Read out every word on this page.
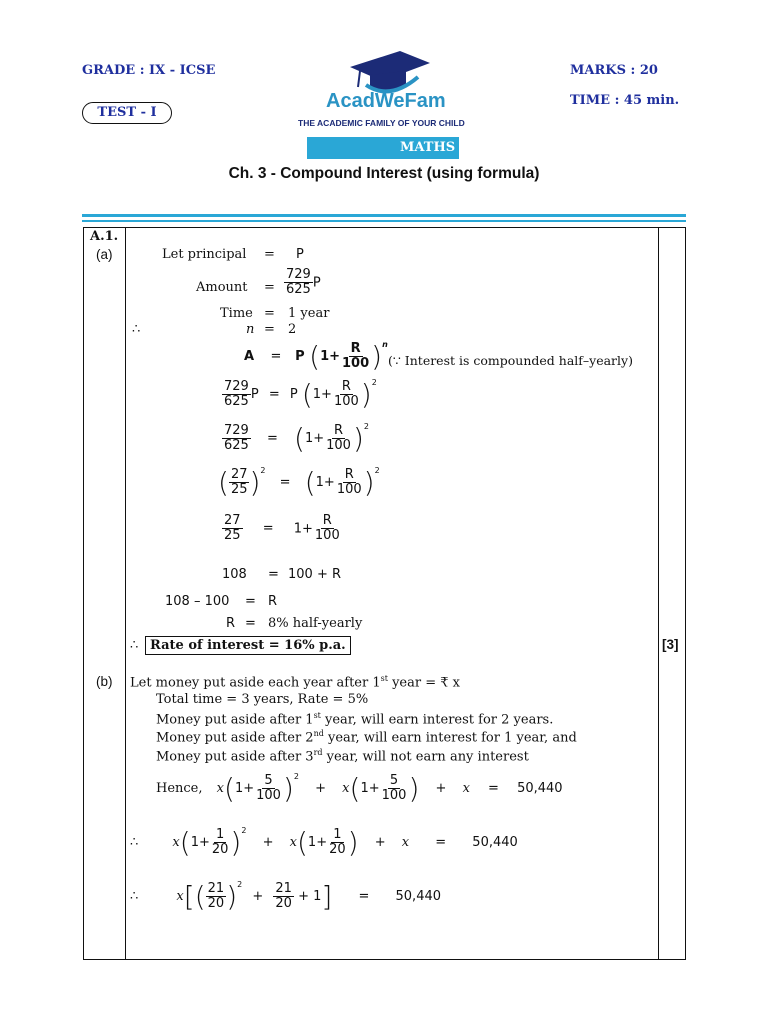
GRADE : IX - ICSE
TEST - I
MARKS : 20
TIME : 45 min.
AcadWeFam
THE ACADEMIC FAMILY OF YOUR CHILD
MATHS
Ch. 3 - Compound Interest (using formula)
A.1.
(a)
[3]
Let principal = P
Amount = $\frac{729}{625}$ P
Time = 1 year
∴	n = 2
A = P $(1+ \frac{R}{100} )^n$
(∵ Interest is compounded half–yearly)
$\frac{729}{625}$ P = P $(1+ \frac{R}{100} )^2$
$\frac{729}{625} = (1+ \frac{R}{100} )^2$
( $\frac{27}{25} )^2 = (1+ \frac{R}{100} )^2$
$\frac{27}{25} = 1+ \frac{R}{100}$
108 = 100 + R
108 – 100 = R
R = 8% half-yearly
∴ Rate of interest = 16% p.a.
(b) Let money put aside each year after 1st year = ₹ x
Total time = 3 years, Rate = 5%
Money put aside after 1st year, will earn interest for 2 years.
Money put aside after 2nd year, will earn interest for 1 year, and
Money put aside after 3rd year, will not earn any interest
Hence, $x(1+ \frac{5}{100} )^2 + x(1+ \frac{5}{100}$ ) + x = 50,440
∴	$x(1+ \frac{1}{20} )^2 + x(1+ \frac{1}{20}$ ) + x = 50,440
∴	$x[( \frac{21}{20} )^2 + \frac{21}{20} + 1] = 50,440$
